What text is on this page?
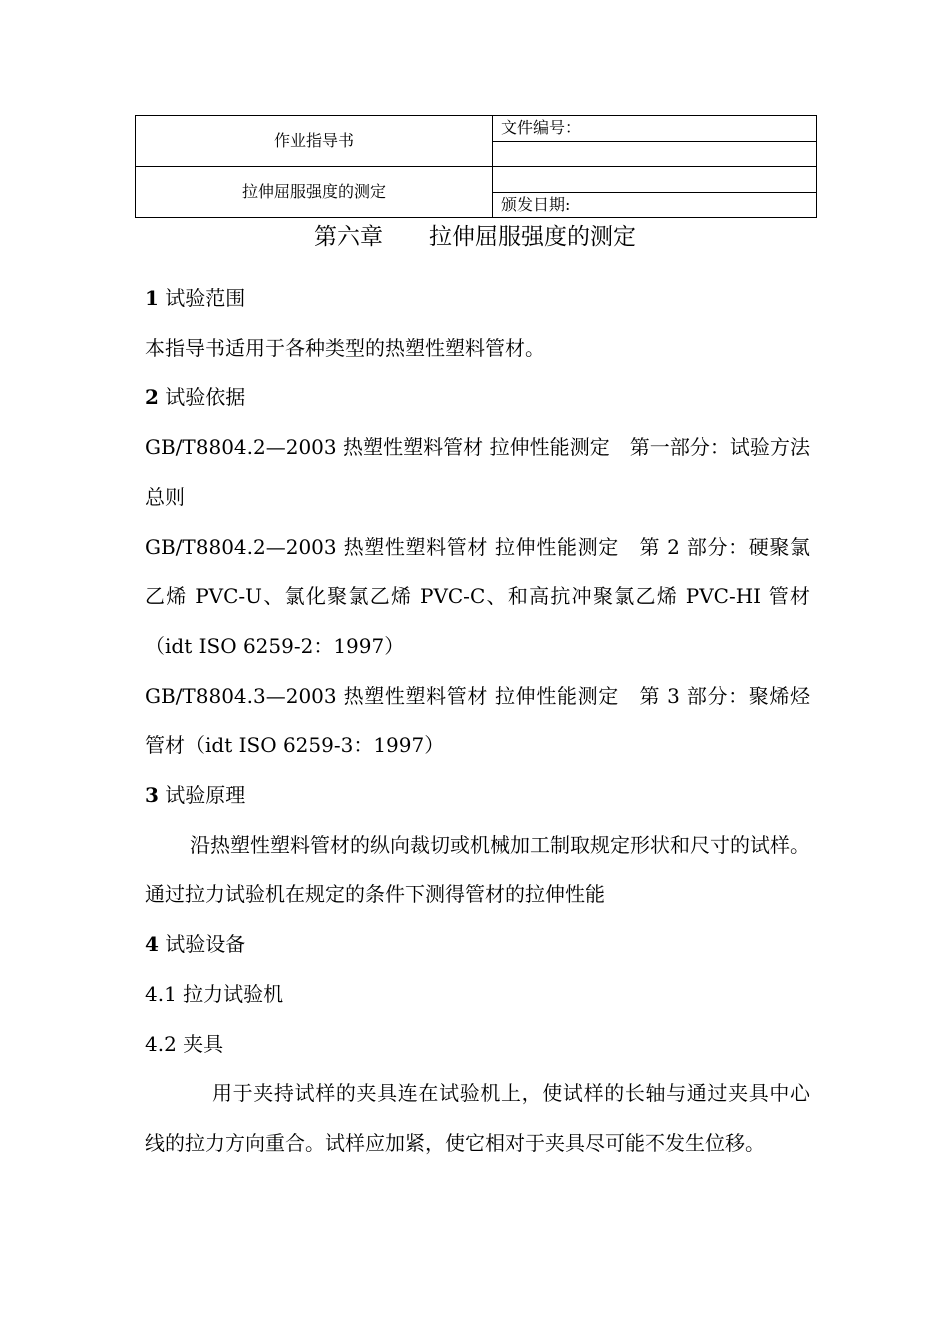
作业指导书	文件编号：

拉伸屈服强度的测定	
	颁发日期:
第六章　　拉伸屈服强度的测定

1 试验范围

本指导书适用于各种类型的热塑性塑料管材。

2 试验依据

GB/T8804.2—2003 热塑性塑料管材 拉伸性能测定　第一部分：试验方法总则

GB/T8804.2—2003 热塑性塑料管材 拉伸性能测定　第 2 部分：硬聚氯乙烯 PVC-U、氯化聚氯乙烯 PVC-C、和高抗冲聚氯乙烯 PVC-HI 管材（idt ISO 6259-2：1997）

GB/T8804.3—2003 热塑性塑料管材 拉伸性能测定　第 3 部分：聚烯烃管材（idt ISO 6259-3：1997）

3 试验原理

沿热塑性塑料管材的纵向裁切或机械加工制取规定形状和尺寸的试样。通过拉力试验机在规定的条件下测得管材的拉伸性能

4 试验设备

4.1 拉力试验机

4.2 夹具

用于夹持试样的夹具连在试验机上，使试样的长轴与通过夹具中心线的拉力方向重合。试样应加紧，使它相对于夹具尽可能不发生位移。
